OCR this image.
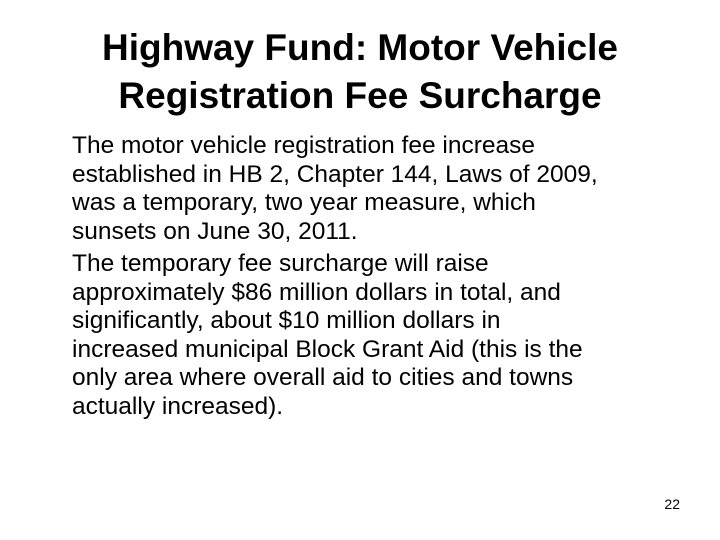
Highway Fund: Motor Vehicle
Registration Fee Surcharge

The motor vehicle registration fee increase
established in HB 2, Chapter 144, Laws of 2009,
was a temporary, two year measure, which
sunsets on June 30, 2011.

The temporary fee surcharge will raise
approximately $86 million dollars in total, and
significantly, about $10 million dollars in
increased municipal Block Grant Aid (this is the
only area where overall aid to cities and towns
actually increased).

22
